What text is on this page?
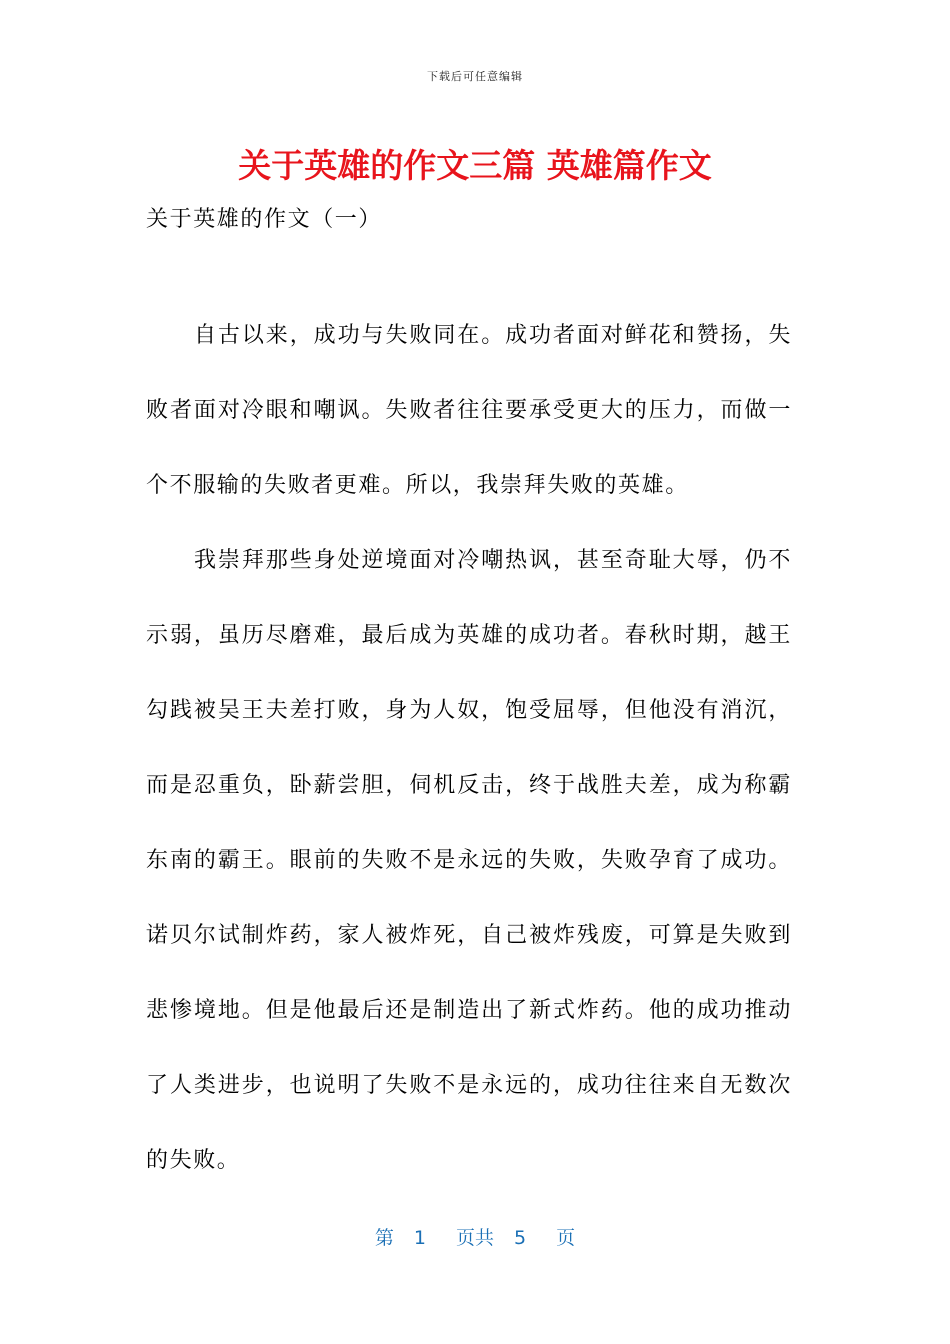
下载后可任意编辑
关于英雄的作文三篇 英雄篇作文

关于英雄的作文（一）

自古以来，成功与失败同在。成功者面对鲜花和赞扬，失败者面对冷眼和嘲讽。失败者往往要承受更大的压力，而做一个不服输的失败者更难。所以，我崇拜失败的英雄。

我崇拜那些身处逆境面对冷嘲热讽，甚至奇耻大辱，仍不示弱，虽历尽磨难，最后成为英雄的成功者。春秋时期，越王勾践被吴王夫差打败，身为人奴，饱受屈辱，但他没有消沉，而是忍重负，卧薪尝胆，伺机反击，终于战胜夫差，成为称霸东南的霸王。眼前的失败不是永远的失败，失败孕育了成功。诺贝尔试制炸药，家人被炸死，自己被炸残废，可算是失败到悲惨境地。但是他最后还是制造出了新式炸药。他的成功推动了人类进步，也说明了失败不是永远的，成功往往来自无数次的失败。

第 1 页共 5 页
